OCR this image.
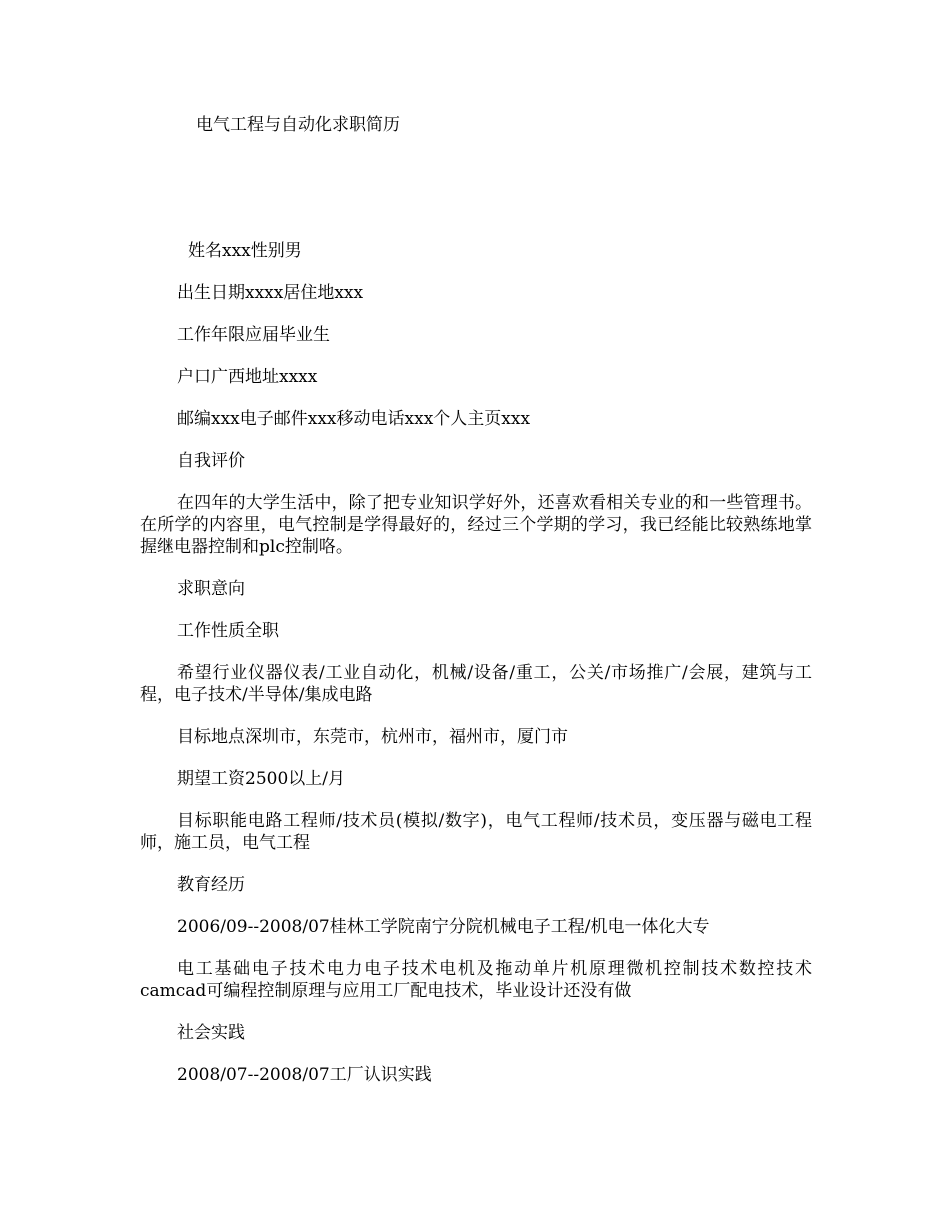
电气工程与自动化求职简历

姓名xxx性别男

出生日期xxxx居住地xxx

工作年限应届毕业生

户口广西地址xxxx

邮编xxx电子邮件xxx移动电话xxx个人主页xxx

自我评价

在四年的大学生活中，除了把专业知识学好外，还喜欢看相关专业的和一些管理书。在所学的内容里，电气控制是学得最好的，经过三个学期的学习，我已经能比较熟练地掌握继电器控制和plc控制咯。

求职意向

工作性质全职

希望行业仪器仪表/工业自动化，机械/设备/重工，公关/市场推广/会展，建筑与工程，电子技术/半导体/集成电路

目标地点深圳市，东莞市，杭州市，福州市，厦门市

期望工资2500以上/月

目标职能电路工程师/技术员(模拟/数字)，电气工程师/技术员，变压器与磁电工程师，施工员，电气工程

教育经历

2006/09--2008/07桂林工学院南宁分院机械电子工程/机电一体化大专

电工基础电子技术电力电子技术电机及拖动单片机原理微机控制技术数控技术camcad可编程控制原理与应用工厂配电技术，毕业设计还没有做

社会实践

2008/07--2008/07工厂认识实践
